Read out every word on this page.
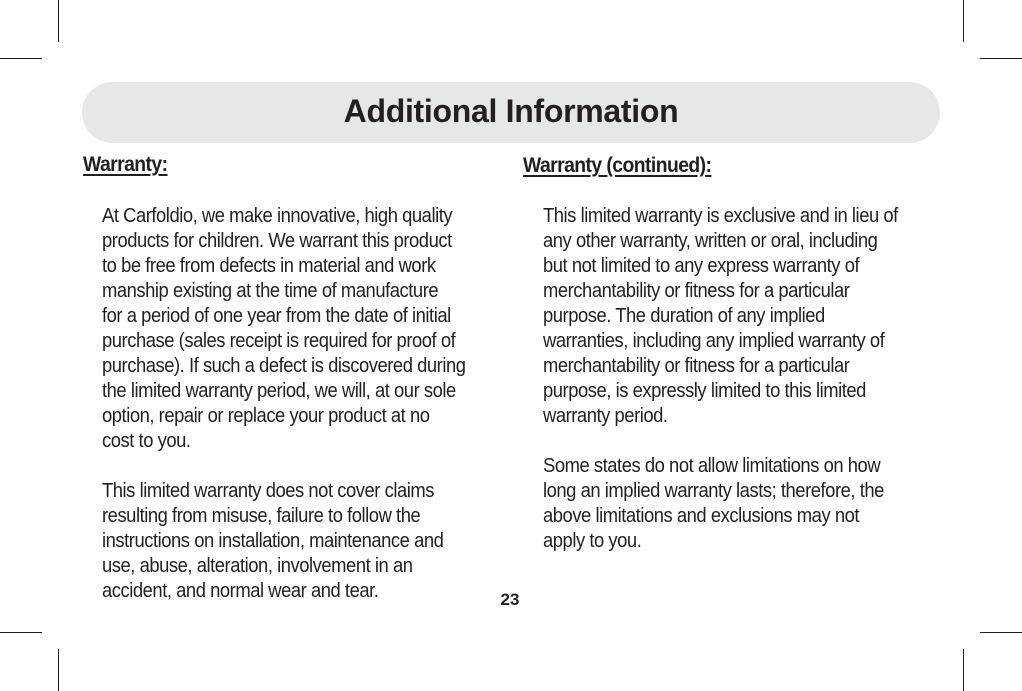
Additional Information
Warranty:

At Carfoldio, we make innovative, high quality
products for children. We warrant this product
to be free from defects in material and work
manship existing at the time of manufacture
for a period of one year from the date of initial
purchase (sales receipt is required for proof of
purchase). If such a defect is discovered during
the limited warranty period, we will, at our sole
option, repair or replace your product at no
cost to you.

This limited warranty does not cover claims
resulting from misuse, failure to follow the
instructions on installation, maintenance and
use, abuse, alteration, involvement in an
accident, and normal wear and tear.

Warranty (continued):

This limited warranty is exclusive and in lieu of
any other warranty, written or oral, including
but not limited to any express warranty of
merchantability or fitness for a particular
purpose. The duration of any implied
warranties, including any implied warranty of
merchantability or fitness for a particular
purpose, is expressly limited to this limited
warranty period.

Some states do not allow limitations on how
long an implied warranty lasts; therefore, the
above limitations and exclusions may not
apply to you.

23
